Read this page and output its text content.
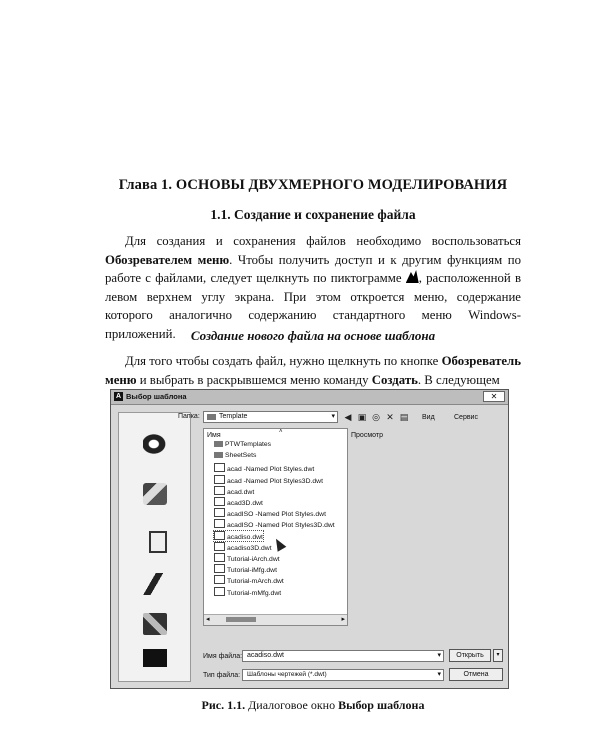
Глава 1. ОСНОВЫ ДВУХМЕРНОГО МОДЕЛИРОВАНИЯ
1.1. Создание и сохранение файла

Для создания и сохранения файлов необходимо воспользоваться Обозревателем меню. Чтобы получить доступ и к другим функциям по работе с файлами, следует щелкнуть по пиктограмме , расположенной в левом верхнем углу экрана. При этом откроется меню, содержание которого аналогично содержанию стандартного меню Windows-приложений.	Создание нового файла на основе шаблона

Для того чтобы создать файл, нужно щелкнуть по кнопке Обозреватель меню и выбрать в раскрывшемся меню команду Создать. В следующем

A Выбор шаблона	✕
Папка:	Template	▾ ◀ ▣ ◎ ✕ ▤ Вид	Сервис
Имя	˄
PTWTemplates
SheetSets
acad -Named Plot Styles.dwt
acad -Named Plot Styles3D.dwt
acad.dwt
acad3D.dwt
acadISO -Named Plot Styles.dwt
acadISO -Named Plot Styles3D.dwt
acadiso.dwt
acadiso3D.dwt
Tutorial-iArch.dwt
Tutorial-iMfg.dwt
Tutorial-mArch.dwt
Tutorial-mMfg.dwt
◂	▸
Просмотр
Имя файла: acadiso.dwt	▾
Тип файла: Шаблоны чертежей (*.dwt)	▾
Открыть	▾
Отмена
Рис. 1.1. Диалоговое окно Выбор шаблона
